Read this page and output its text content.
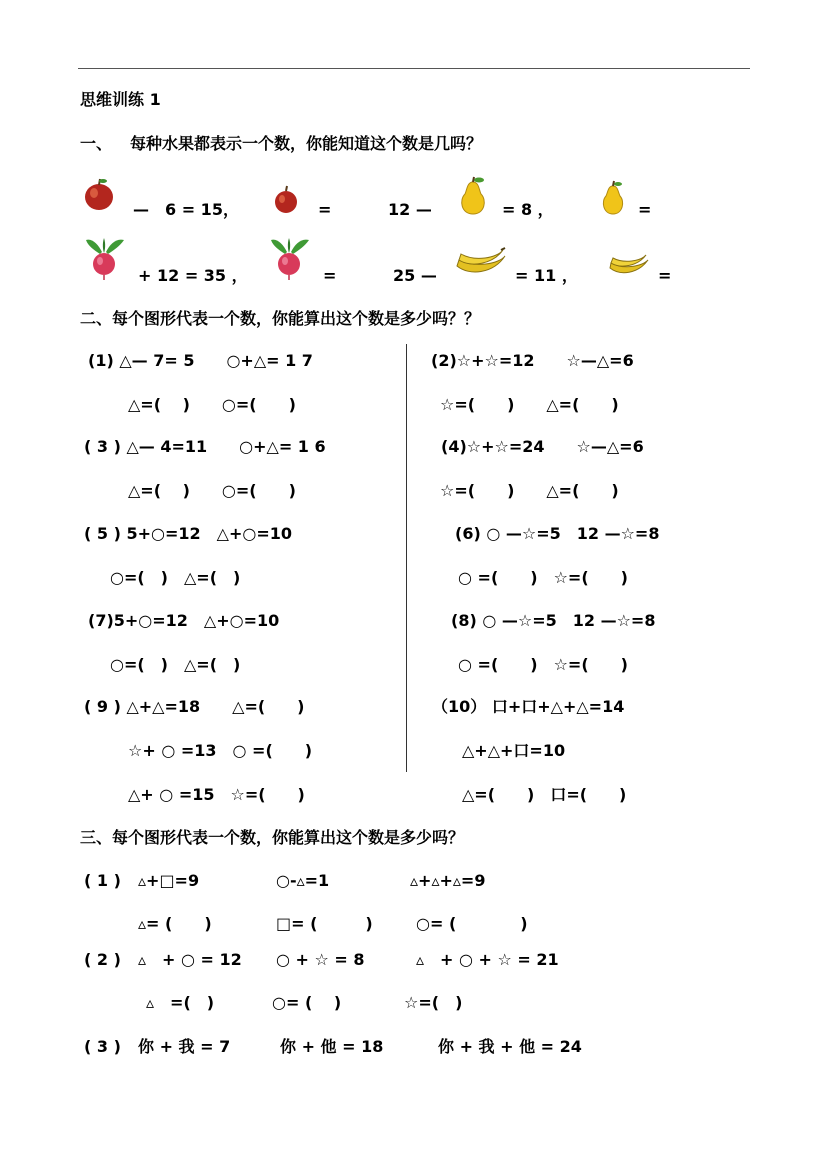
思维训练 1
一、 每种水果都表示一个数，你能知道这个数是几吗？
—　6 = 15，	=	12 —	= 8 ，	=
+ 12 = 35 ，	=	25 —	= 11 ，	=
二、每个图形代表一个数，你能算出这个数是多少吗？？
(1) △— 7= 5　　○+△= 1 7
△=(　 )　　○=(　　)
( 3 ) △— 4=11　　○+△= 1 6
△=(　 )　　○=(　　)
( 5 ) 5+○=12　△+○=10
○=(　)　△=(　)
(7)5+○=12　△+○=10
○=(　)　△=(　)
( 9 ) △+△=18　　△=(　　)
☆+ ○ =13　○ =(　　)
△+ ○ =15　☆=(　　)
(2)☆+☆=12　　☆—△=6
☆=(　　)　　△=(　　)
(4)☆+☆=24　　☆—△=6
☆=(　　)　　△=(　　)
(6) ○ —☆=5　12 —☆=8
○ =(　　)　☆=(　　)
(8) ○ —☆=5　12 —☆=8
○ =(　　)　☆=(　　)
（10） 口+口+△+△=14
△+△+口=10
△=(　　)　口=(　　)
三、每个图形代表一个数，你能算出这个数是多少吗？
( 1 ) ▵+□=9	○-▵=1	▵+▵+▵=9
▵= (　　)	□= (　　　)	○= (　　　　)
( 2 ) ▵　+ ○ = 12 ○ + ☆ = 8	▵　+ ○ + ☆ = 21
▵　=(　)	○= (　 )	☆=(　)
( 3 ) 你 + 我 = 7	你 + 他 = 18	你 + 我 + 他 = 24
